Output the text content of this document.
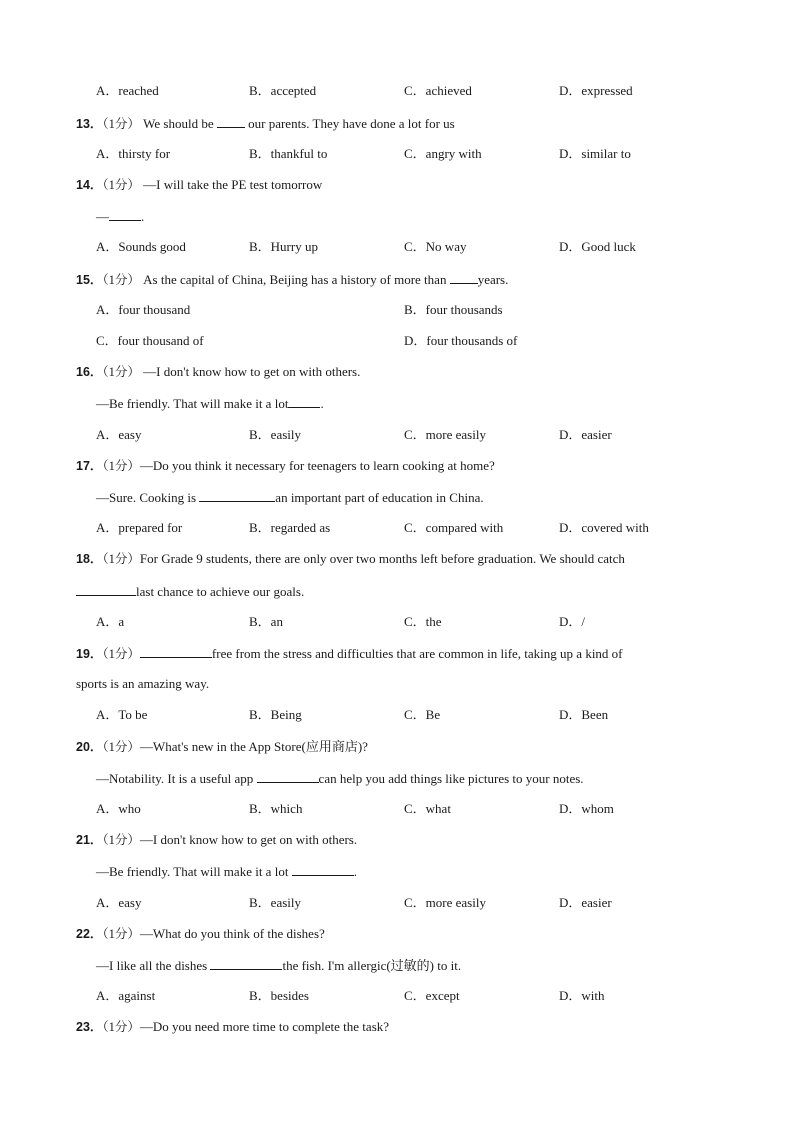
A．reached	B．accepted	C．achieved	D．expressed
13．（1分） We should be  our parents. They have done a lot for us
A．thirsty for	B．thankful to	C．angry with	D．similar to
14．（1分） —I will take the PE test tomorrow
— .
A．Sounds good	B．Hurry up	C．No way	D．Good luck
15．（1分） As the capital of China, Beijing has a history of more than years.
A．four thousand	B．four thousands
C．four thousand of	D．four thousands of
16．（1分） —I don't know how to get on with others.
—Be friendly. That will make it a lot .
A．easy	B．easily	C．more easily	D．easier
17．（1分）—Do you think it necessary for teenagers to learn cooking at home?
—Sure. Cooking is	an important part of education in China.
A．prepared for	B．regarded as	C．compared with	D．covered with
18．（1分）For Grade 9 students, there are only over two months left before graduation. We should catch
last chance to achieve our goals.
A．a	B．an	C．the	D．/
19．（1分）	free from the stress and difficulties that are common in life, taking up a kind of
sports is an amazing way.
A．To be	B．Being	C．Be	D．Been
20．（1分）—What's new in the App Store(应用商店)?
—Notability. It is a useful app	can help you add things like pictures to your notes.
A．who	B．which	C．what	D．whom
21．（1分）—I don't know how to get on with others.
—Be friendly. That will make it a lot	.
A．easy	B．easily	C．more easily	D．easier
22．（1分）—What do you think of the dishes?
—I like all the dishes	the fish. I'm allergic(过敏的) to it.
A．against	B．besides	C．except	D．with
23．（1分）—Do you need more time to complete the task?
